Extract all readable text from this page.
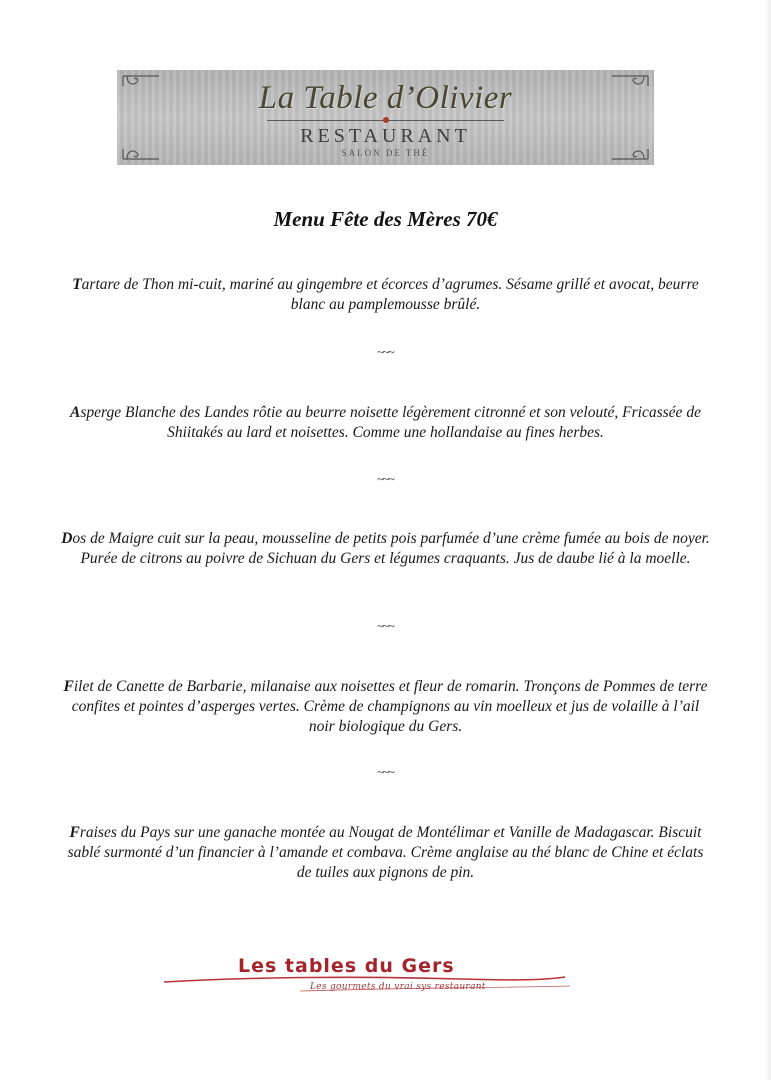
La Table d’Olivier
RESTAURANT
SALON DE THÉ
Menu Fête des Mères 70€
Tartare de Thon mi-cuit, mariné au gingembre et écorces d’agrumes. Sésame grillé et avocat, beurre blanc au pamplemousse brûlé.
~~~
Asperge Blanche des Landes rôtie au beurre noisette légèrement citronné et son velouté, Fricassée de Shiitakés au lard et noisettes. Comme une hollandaise au fines herbes.
~~~
Dos de Maigre cuit sur la peau, mousseline de petits pois parfumée d’une crème fumée au bois de noyer. Purée de citrons au poivre de Sichuan du Gers et légumes craquants. Jus de daube lié à la moelle.
~~~
Filet de Canette de Barbarie, milanaise aux noisettes et fleur de romarin. Tronçons de Pommes de terre confites et pointes d’asperges vertes. Crème de champignons au vin moelleux et jus de volaille à l’ail noir biologique du Gers.
~~~
Fraises du Pays sur une ganache montée au Nougat de Montélimar et Vanille de Madagascar. Biscuit sablé surmonté d’un financier à l’amande et combava. Crème anglaise au thé blanc de Chine et éclats de tuiles aux pignons de pin.
Les tables du Gers
Les gourmets du vrai sys restaurant
